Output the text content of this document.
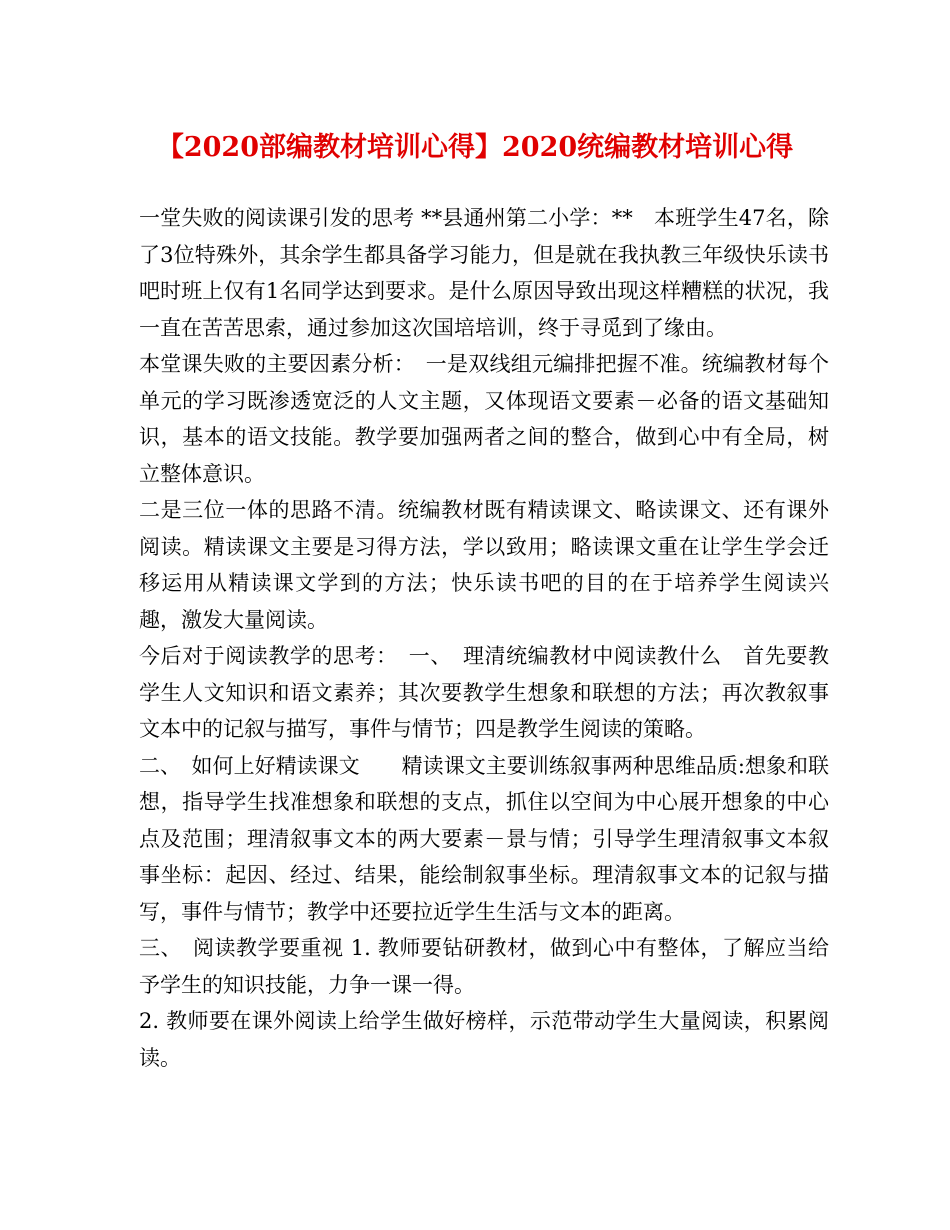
【2020部编教材培训心得】2020统编教材培训心得

一堂失败的阅读课引发的思考 **县通州第二小学：**　本班学生47名，除了3位特殊外，其余学生都具备学习能力，但是就在我执教三年级快乐读书吧时班上仅有1名同学达到要求。是什么原因导致出现这样糟糕的状况，我一直在苦苦思索，通过参加这次国培培训，终于寻觅到了缘由。

本堂课失败的主要因素分析：　一是双线组元编排把握不准。统编教材每个单元的学习既渗透宽泛的人文主题，又体现语文要素－必备的语文基础知识，基本的语文技能。教学要加强两者之间的整合，做到心中有全局，树立整体意识。

二是三位一体的思路不清。统编教材既有精读课文、略读课文、还有课外阅读。精读课文主要是习得方法，学以致用；略读课文重在让学生学会迁移运用从精读课文学到的方法；快乐读书吧的目的在于培养学生阅读兴趣，激发大量阅读。

今后对于阅读教学的思考：　一、　理清统编教材中阅读教什么　首先要教学生人文知识和语文素养；其次要教学生想象和联想的方法；再次教叙事文本中的记叙与描写，事件与情节；四是教学生阅读的策略。

二、　如何上好精读课文　　精读课文主要训练叙事两种思维品质:想象和联想，指导学生找准想象和联想的支点，抓住以空间为中心展开想象的中心点及范围；理清叙事文本的两大要素－景与情；引导学生理清叙事文本叙事坐标：起因、经过、结果，能绘制叙事坐标。理清叙事文本的记叙与描写，事件与情节；教学中还要拉近学生生活与文本的距离。

三、　阅读教学要重视 1. 教师要钻研教材，做到心中有整体，了解应当给予学生的知识技能，力争一课一得。

2. 教师要在课外阅读上给学生做好榜样，示范带动学生大量阅读，积累阅读。
